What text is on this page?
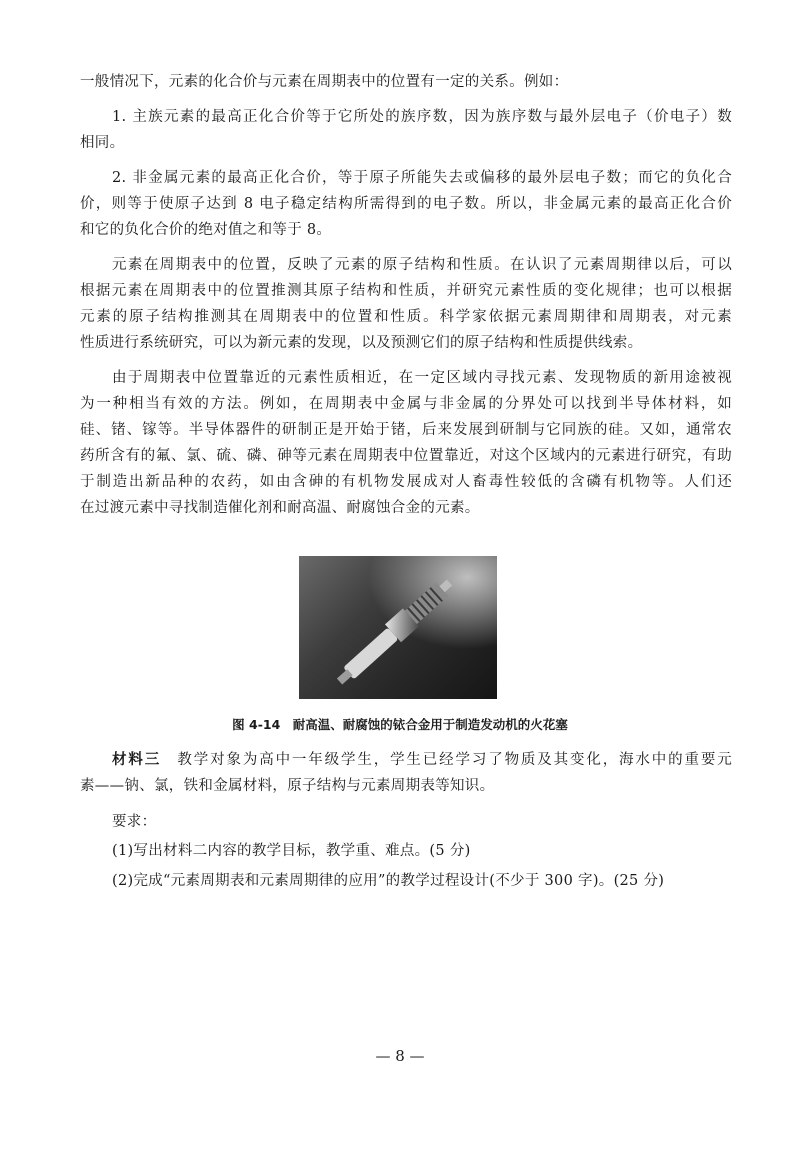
一般情况下，元素的化合价与元素在周期表中的位置有一定的关系。例如：
1. 主族元素的最高正化合价等于它所处的族序数，因为族序数与最外层电子（价电子）数
相同。
2. 非金属元素的最高正化合价，等于原子所能失去或偏移的最外层电子数；而它的负化合
价，则等于使原子达到 8 电子稳定结构所需得到的电子数。所以，非金属元素的最高正化合价
和它的负化合价的绝对值之和等于 8。
元素在周期表中的位置，反映了元素的原子结构和性质。在认识了元素周期律以后，可以
根据元素在周期表中的位置推测其原子结构和性质，并研究元素性质的变化规律；也可以根据
元素的原子结构推测其在周期表中的位置和性质。科学家依据元素周期律和周期表，对元素
性质进行系统研究，可以为新元素的发现，以及预测它们的原子结构和性质提供线索。
由于周期表中位置靠近的元素性质相近，在一定区域内寻找元素、发现物质的新用途被视
为一种相当有效的方法。例如，在周期表中金属与非金属的分界处可以找到半导体材料，如
硅、锗、镓等。半导体器件的研制正是开始于锗，后来发展到研制与它同族的硅。又如，通常农
药所含有的氟、氯、硫、磷、砷等元素在周期表中位置靠近，对这个区域内的元素进行研究，有助
于制造出新品种的农药，如由含砷的有机物发展成对人畜毒性较低的含磷有机物等。人们还
在过渡元素中寻找制造催化剂和耐高温、耐腐蚀合金的元素。
图 4-14　耐高温、耐腐蚀的铱合金用于制造发动机的火花塞
材料三　教学对象为高中一年级学生，学生已经学习了物质及其变化，海水中的重要元
素——钠、氯，铁和金属材料，原子结构与元素周期表等知识。
要求：
(1)写出材料二内容的教学目标，教学重、难点。(5 分)
(2)完成“元素周期表和元素周期律的应用”的教学过程设计(不少于 300 字)。(25 分)
— 8 —
